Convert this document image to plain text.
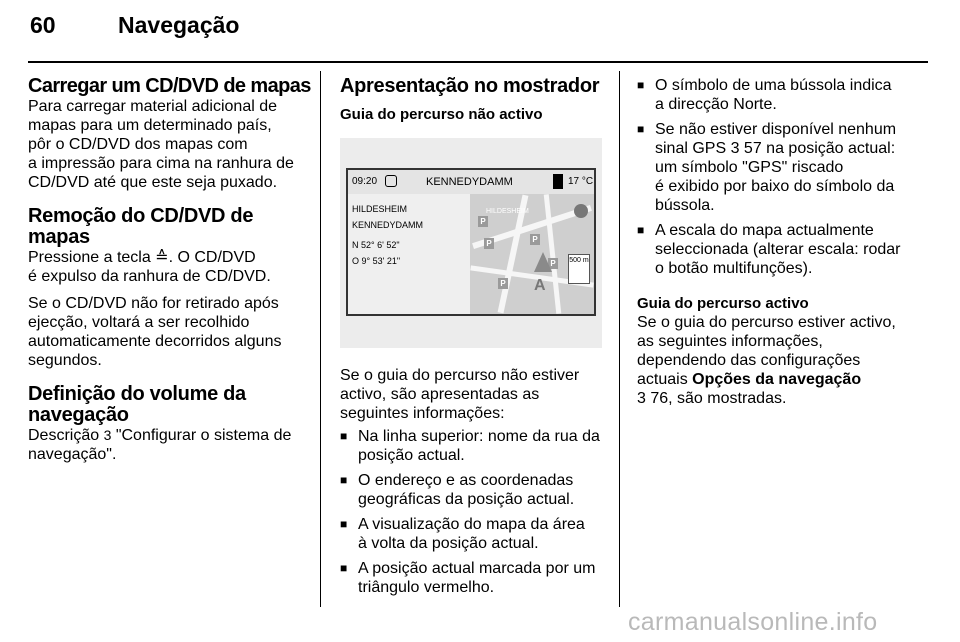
60	Navegação
Carregar um CD/DVD de mapas
Para carregar material adicional de
mapas para um determinado país,
pôr o CD/DVD dos mapas com
a impressão para cima na ranhura de
CD/DVD até que este seja puxado.
Remoção do CD/DVD de
mapas
Pressione a tecla ≙. O CD/DVD
é expulso da ranhura de CD/DVD.
Se o CD/DVD não for retirado após
ejecção, voltará a ser recolhido
automaticamente decorridos alguns
segundos.
Definição do volume da
navegação
Descrição 3 "Configurar o sistema de
navegação".
Apresentação no mostrador
Guia do percurso não activo
09:20	KENNEDYDAMM	17 °C
HILDESHEIM
KENNEDYDAMM
N 52° 6' 52"
O 9° 53' 21"
HILDESHEIM
P
P	P
P
P A
500 m
Se o guia do percurso não estiver
activo, são apresentadas as
seguintes informações:
■ Na linha superior: nome da rua da
posição actual.
■ O endereço e as coordenadas
geográficas da posição actual.
■ A visualização do mapa da área
à volta da posição actual.
■ A posição actual marcada por um
triângulo vermelho.
■ O símbolo de uma bússola indica
a direcção Norte.
■ Se não estiver disponível nenhum
sinal GPS 3 57 na posição actual:
um símbolo "GPS" riscado
é exibido por baixo do símbolo da
bússola.
■ A escala do mapa actualmente
seleccionada (alterar escala: rodar
o botão multifunções).
Guia do percurso activo
Se o guia do percurso estiver activo,
as seguintes informações,
dependendo das configurações
actuais Opções da navegação
3 76, são mostradas.
carmanualsonline.info
